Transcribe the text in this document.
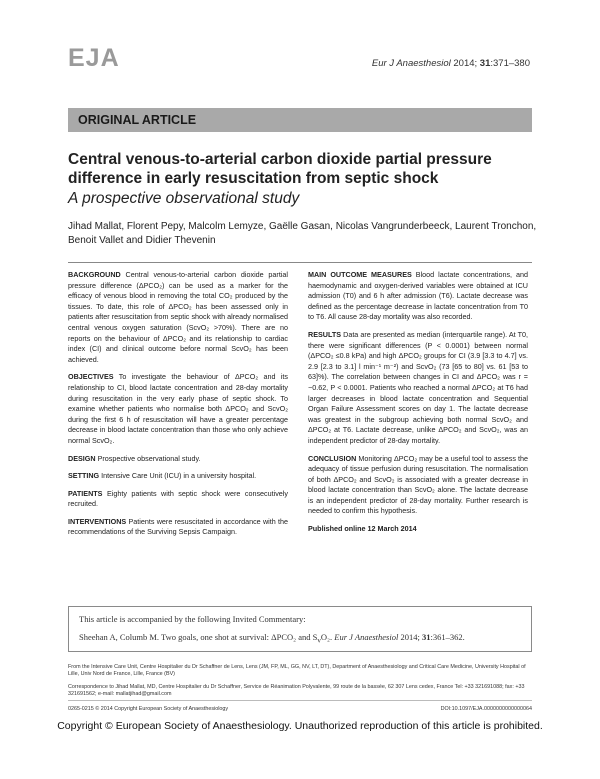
EJA	Eur J Anaesthesiol 2014; 31:371–380
ORIGINAL ARTICLE
Central venous-to-arterial carbon dioxide partial pressure difference in early resuscitation from septic shock
A prospective observational study
Jihad Mallat, Florent Pepy, Malcolm Lemyze, Gaëlle Gasan, Nicolas Vangrunderbeeck, Laurent Tronchon, Benoit Vallet and Didier Thevenin

BACKGROUND Central venous-to-arterial carbon dioxide partial pressure difference (ΔPCO₂) can be used as a marker for the efficacy of venous blood in removing the total CO₂ produced by the tissues. To date, this role of ΔPCO₂ has been assessed only in patients after resuscitation from septic shock with already normalised central venous oxygen saturation (ScvO₂ >70%). There are no reports on the behaviour of ΔPCO₂ and its relationship to cardiac index (CI) and clinical outcome before normal ScvO₂ has been achieved.

OBJECTIVES To investigate the behaviour of ΔPCO₂ and its relationship to CI, blood lactate concentration and 28-day mortality during resuscitation in the very early phase of septic shock. To examine whether patients who normalise both ΔPCO₂ and ScvO₂ during the first 6 h of resuscitation will have a greater percentage decrease in blood lactate concentration than those who only achieve normal ScvO₂.

DESIGN Prospective observational study.

SETTING Intensive Care Unit (ICU) in a university hospital.

PATIENTS Eighty patients with septic shock were consecutively recruited.

INTERVENTIONS Patients were resuscitated in accordance with the recommendations of the Surviving Sepsis Campaign.

MAIN OUTCOME MEASURES Blood lactate concentrations, and haemodynamic and oxygen-derived variables were obtained at ICU admission (T0) and 6 h after admission (T6). Lactate decrease was defined as the percentage decrease in lactate concentration from T0 to T6. All cause 28-day mortality was also recorded.

RESULTS Data are presented as median (interquartile range). At T0, there were significant differences (P < 0.0001) between normal (ΔPCO₂ ≤0.8 kPa) and high ΔPCO₂ groups for CI (3.9 [3.3 to 4.7] vs. 2.9 [2.3 to 3.1] l min⁻¹ m⁻²) and ScvO₂ (73 [65 to 80] vs. 61 [53 to 63]%). The correlation between changes in CI and ΔPCO₂ was r = −0.62, P < 0.0001. Patients who reached a normal ΔPCO₂ at T6 had larger decreases in blood lactate concentration and Sequential Organ Failure Assessment scores on day 1. The lactate decrease was greatest in the subgroup achieving both normal ScvO₂ and ΔPCO₂ at T6. Lactate decrease, unlike ΔPCO₂ and ScvO₂, was an independent predictor of 28-day mortality.

CONCLUSION Monitoring ΔPCO₂ may be a useful tool to assess the adequacy of tissue perfusion during resuscitation. The normalisation of both ΔPCO₂ and ScvO₂ is associated with a greater decrease in blood lactate concentration than ScvO₂ alone. The lactate decrease is an independent predictor of 28-day mortality. Further research is needed to confirm this hypothesis.

Published online 12 March 2014

This article is accompanied by the following Invited Commentary:
Sheehan A, Columb M. Two goals, one shot at survival: ΔPCO₂ and $S_vO_2$. Eur J Anaesthesiol 2014; 31:361–362.
From the Intensive Care Unit, Centre Hospitalier du Dr Schaffner de Lens, Lens (JM, FP, ML, GG, NV, LT, DT), Department of Anaesthesiology and Critical Care Medicine, University Hospital of Lille, Univ Nord de France, Lille, France (BV)
Correspondence to Jihad Mallat, MD, Centre Hospitalier du Dr Schaffner, Service de Réanimation Polyvalente, 99 route de la bassée, 62 307 Lens cedex, France Tel: +33 321691088; fax: +33 321691562; e-mail: mallatjihad@gmail.com
0265-0215 © 2014 Copyright European Society of Anaesthesiology	DOI:10.1097/EJA.0000000000000064
Copyright © European Society of Anaesthesiology. Unauthorized reproduction of this article is prohibited.
